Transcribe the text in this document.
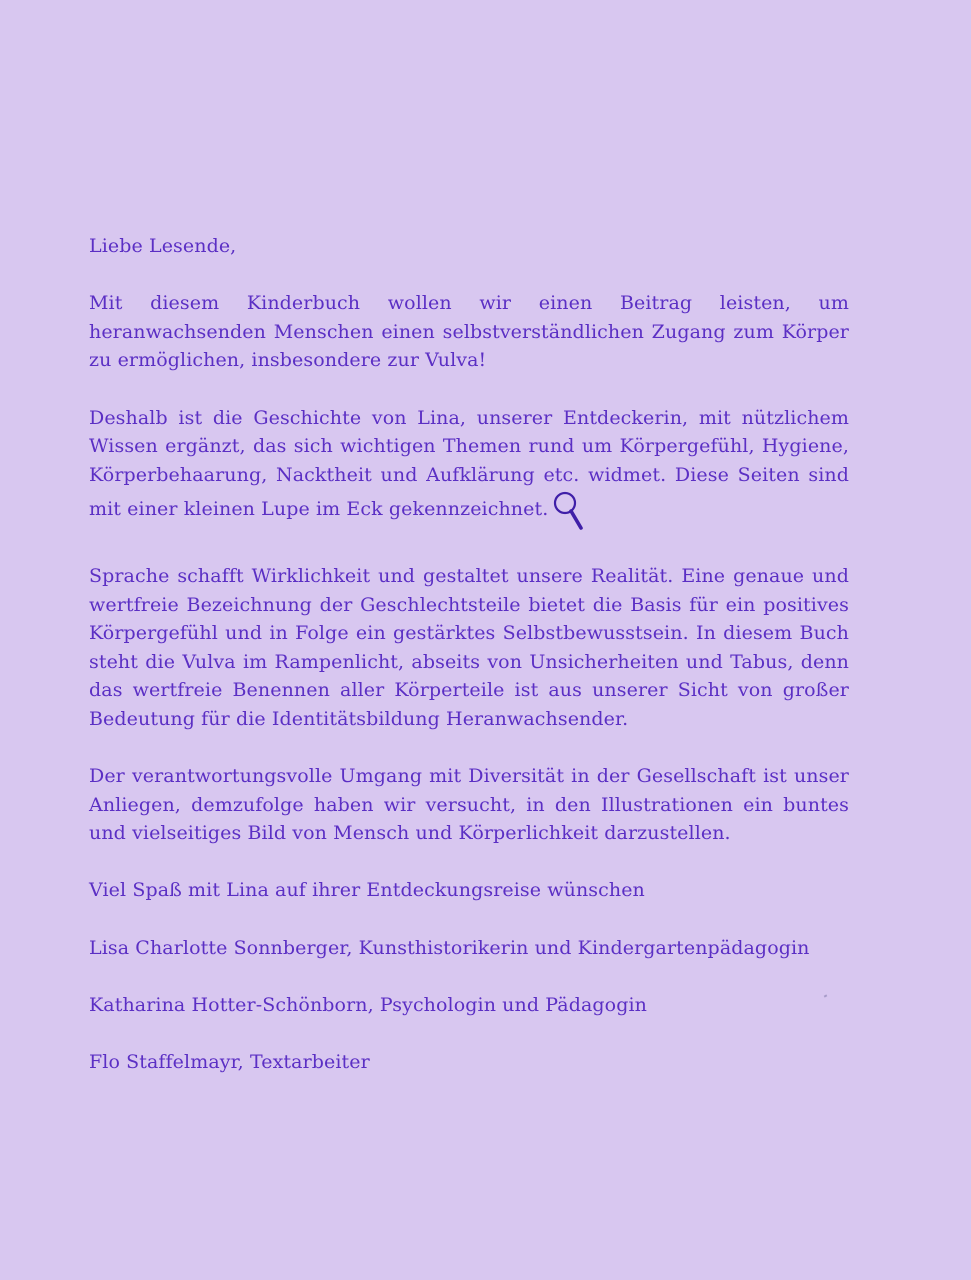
Liebe Lesende,

Mit diesem Kinderbuch wollen wir einen Beitrag leisten, um heranwachsenden Menschen einen selbstverständlichen Zugang zum Körper zu ermöglichen, insbesondere zur Vulva!

Deshalb ist die Geschichte von Lina, unserer Entdeckerin, mit nützlichem Wissen ergänzt, das sich wichtigen Themen rund um Körpergefühl, Hygiene, Körperbehaarung, Nacktheit und Aufklärung etc. widmet. Diese Seiten sind mit einer kleinen Lupe im Eck gekennzeichnet.

Sprache schafft Wirklichkeit und gestaltet unsere Realität. Eine genaue und wertfreie Bezeichnung der Geschlechtsteile bietet die Basis für ein positives Körpergefühl und in Folge ein gestärktes Selbstbewusstsein. In diesem Buch steht die Vulva im Rampenlicht, abseits von Unsicherheiten und Tabus, denn das wertfreie Benennen aller Körperteile ist aus unserer Sicht von großer Bedeutung für die Identitätsbildung Heranwachsender.

Der verantwortungsvolle Umgang mit Diversität in der Gesellschaft ist unser Anliegen, demzufolge haben wir versucht, in den Illustrationen ein buntes und vielseitiges Bild von Mensch und Körperlichkeit darzustellen.

Viel Spaß mit Lina auf ihrer Entdeckungsreise wünschen

Lisa Charlotte Sonnberger, Kunsthistorikerin und Kindergartenpädagogin

Katharina Hotter-Schönborn, Psychologin und Pädagogin

Flo Staffelmayr, Textarbeiter
